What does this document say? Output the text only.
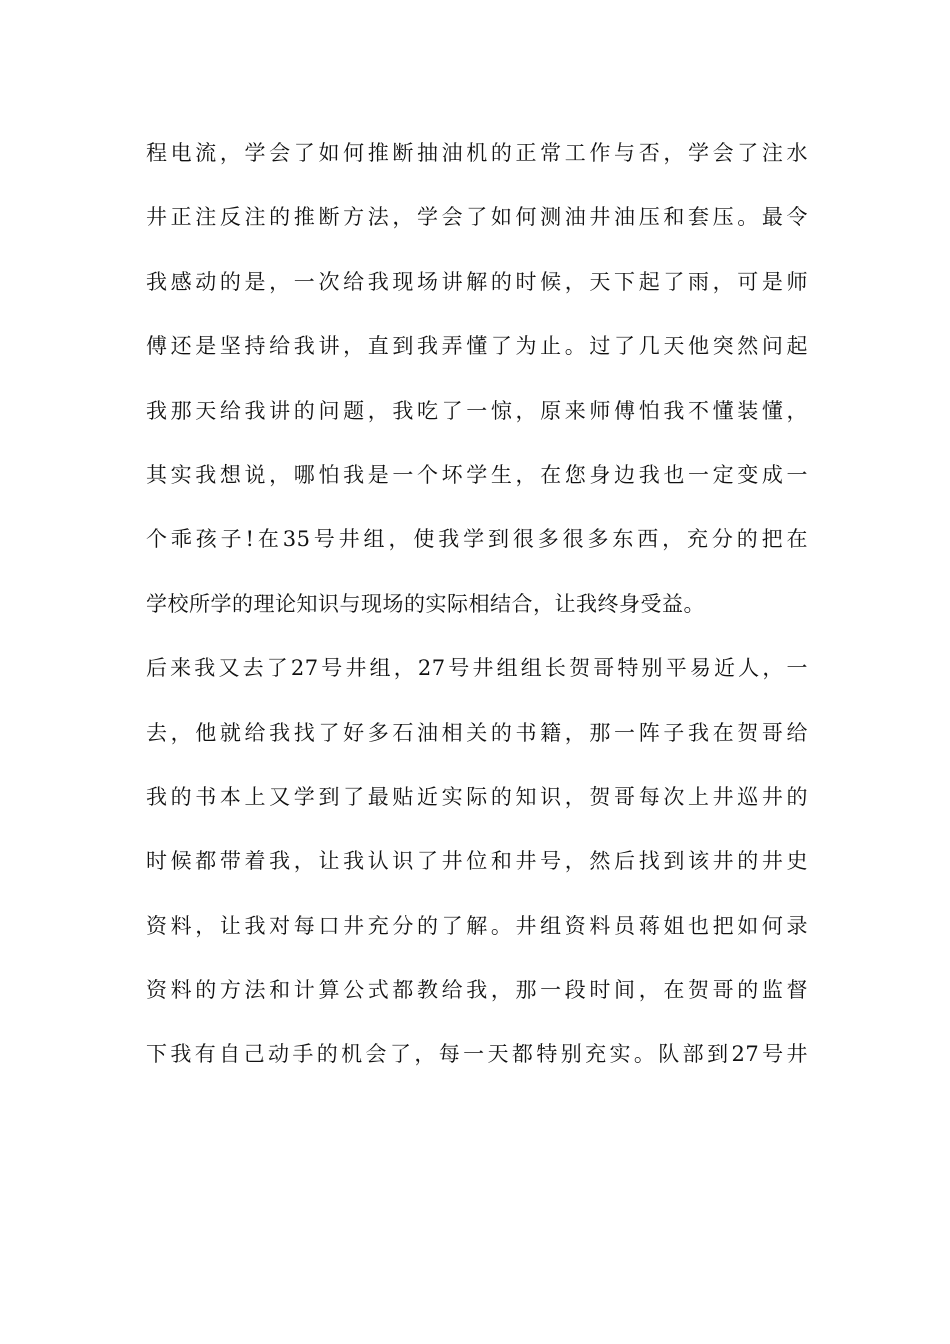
程电流，学会了如何推断抽油机的正常工作与否，学会了注水
井正注反注的推断方法，学会了如何测油井油压和套压。最令
我感动的是，一次给我现场讲解的时候，天下起了雨，可是师
傅还是坚持给我讲，直到我弄懂了为止。过了几天他突然问起
我那天给我讲的问题，我吃了一惊，原来师傅怕我不懂装懂，
其实我想说，哪怕我是一个坏学生，在您身边我也一定变成一
个乖孩子!在35号井组，使我学到很多很多东西，充分的把在
学校所学的理论知识与现场的实际相结合，让我终身受益。
后来我又去了27号井组，27号井组组长贺哥特别平易近人，一
去，他就给我找了好多石油相关的书籍，那一阵子我在贺哥给
我的书本上又学到了最贴近实际的知识，贺哥每次上井巡井的
时候都带着我，让我认识了井位和井号，然后找到该井的井史
资料，让我对每口井充分的了解。井组资料员蒋姐也把如何录
资料的方法和计算公式都教给我，那一段时间，在贺哥的监督
下我有自己动手的机会了，每一天都特别充实。队部到27号井
